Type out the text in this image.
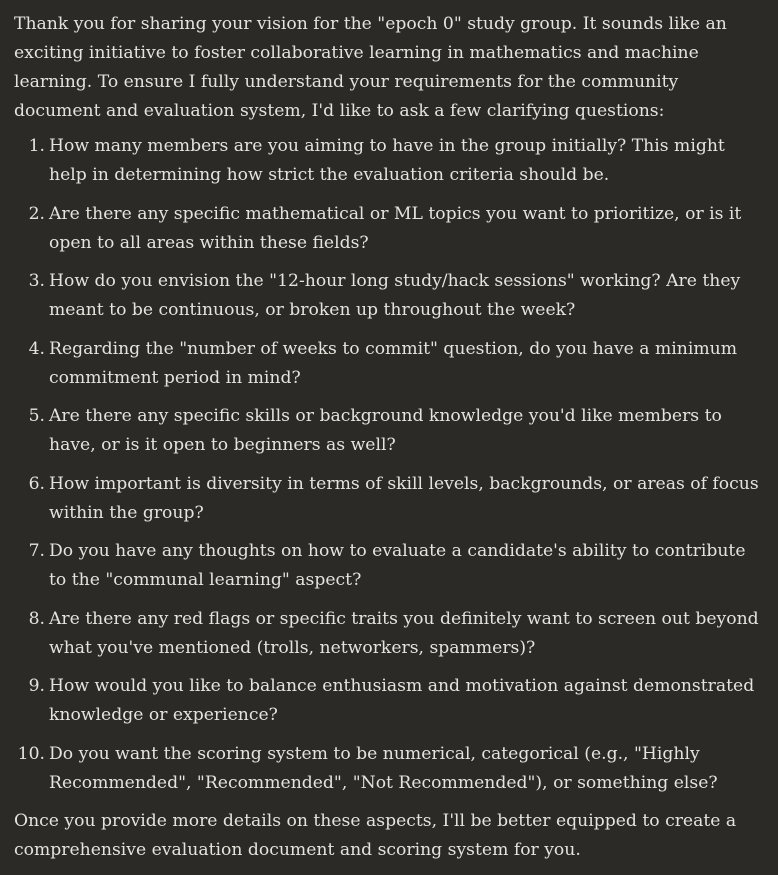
Thank you for sharing your vision for the "epoch 0" study group. It sounds like an exciting initiative to foster collaborative learning in mathematics and machine learning. To ensure I fully understand your requirements for the community document and evaluation system, I'd like to ask a few clarifying questions:

1. How many members are you aiming to have in the group initially? This might help in determining how strict the evaluation criteria should be.
2. Are there any specific mathematical or ML topics you want to prioritize, or is it open to all areas within these fields?
3. How do you envision the "12-hour long study/hack sessions" working? Are they meant to be continuous, or broken up throughout the week?
4. Regarding the "number of weeks to commit" question, do you have a minimum commitment period in mind?
5. Are there any specific skills or background knowledge you'd like members to have, or is it open to beginners as well?
6. How important is diversity in terms of skill levels, backgrounds, or areas of focus within the group?
7. Do you have any thoughts on how to evaluate a candidate's ability to contribute to the "communal learning" aspect?
8. Are there any red flags or specific traits you definitely want to screen out beyond what you've mentioned (trolls, networkers, spammers)?
9. How would you like to balance enthusiasm and motivation against demonstrated knowledge or experience?
10. Do you want the scoring system to be numerical, categorical (e.g., "Highly Recommended", "Recommended", "Not Recommended"), or something else?

Once you provide more details on these aspects, I'll be better equipped to create a comprehensive evaluation document and scoring system for you.
